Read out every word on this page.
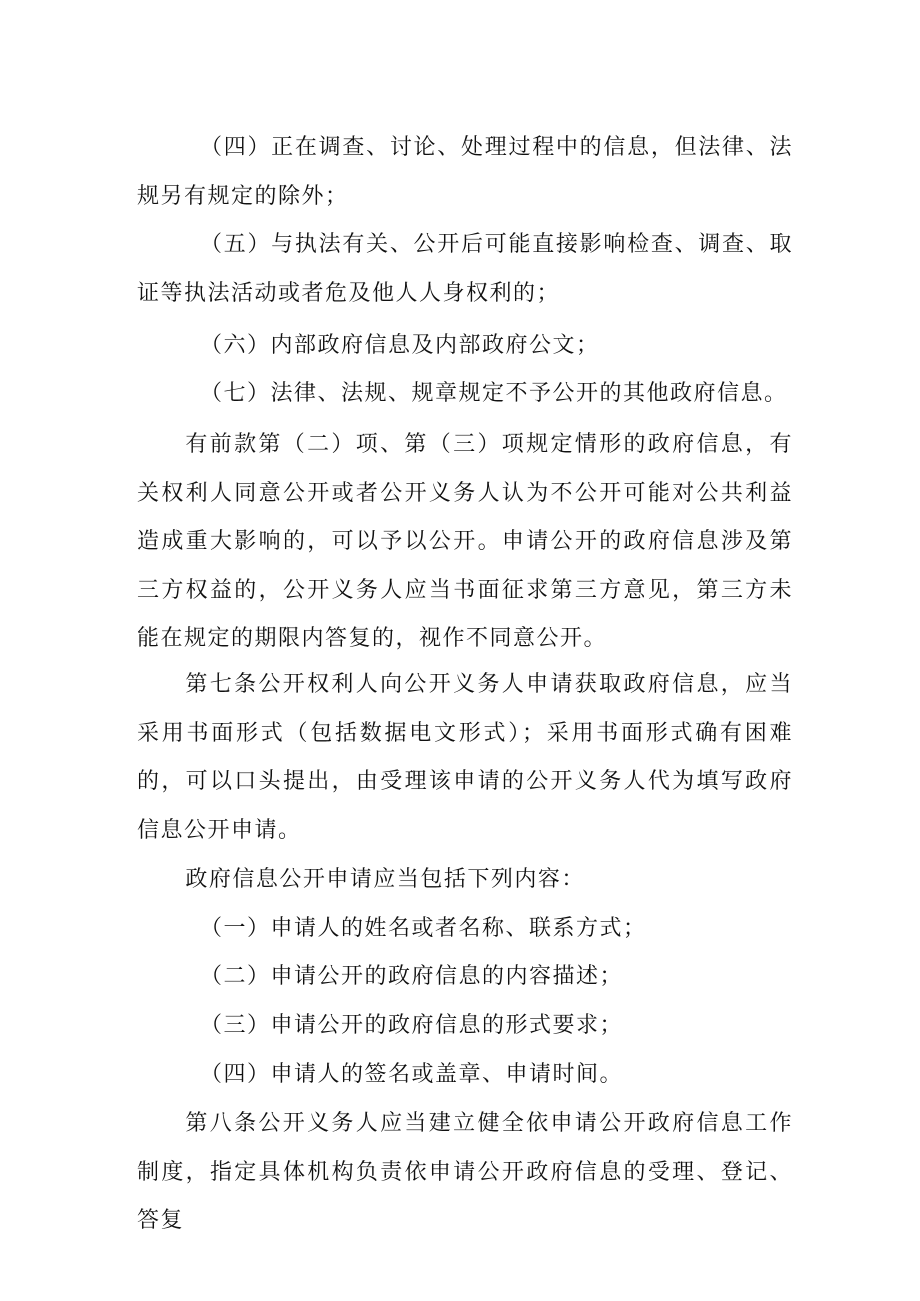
（四）正在调查、讨论、处理过程中的信息，但法律、法规另有规定的除外；

（五）与执法有关、公开后可能直接影响检查、调查、取证等执法活动或者危及他人人身权利的；

（六）内部政府信息及内部政府公文；

（七）法律、法规、规章规定不予公开的其他政府信息。

有前款第（二）项、第（三）项规定情形的政府信息，有关权利人同意公开或者公开义务人认为不公开可能对公共利益造成重大影响的，可以予以公开。申请公开的政府信息涉及第三方权益的，公开义务人应当书面征求第三方意见，第三方未能在规定的期限内答复的，视作不同意公开。

第七条公开权利人向公开义务人申请获取政府信息，应当采用书面形式（包括数据电文形式）；采用书面形式确有困难的，可以口头提出，由受理该申请的公开义务人代为填写政府信息公开申请。

政府信息公开申请应当包括下列内容：

（一）申请人的姓名或者名称、联系方式；

（二）申请公开的政府信息的内容描述；

（三）申请公开的政府信息的形式要求；

（四）申请人的签名或盖章、申请时间。

第八条公开义务人应当建立健全依申请公开政府信息工作制度，指定具体机构负责依申请公开政府信息的受理、登记、答复
